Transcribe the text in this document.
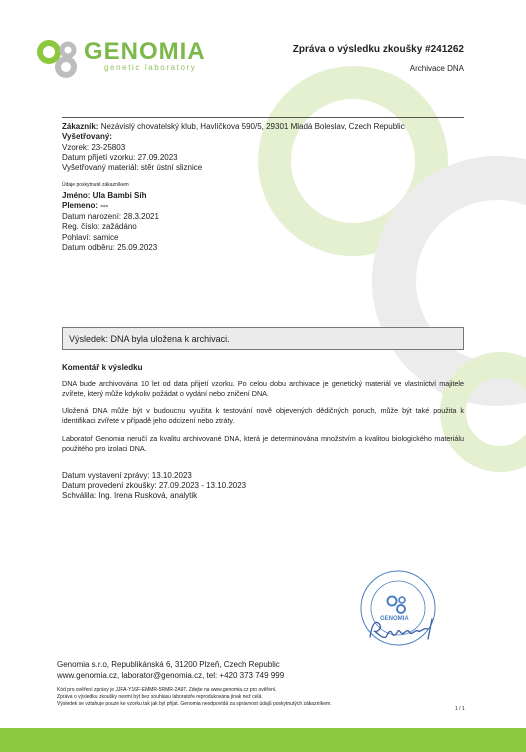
GENOMIA
genetic laboratory
Zpráva o výsledku zkoušky #241262
Archivace DNA
Zákazník: Nezávislý chovatelský klub, Havlíčkova 590/5, 29301 Mladá Boleslav, Czech Republic
Vyšetřovaný:
Vzorek: 23-25803
Datum přijetí vzorku: 27.09.2023
Vyšetřovaný materiál: stěr ústní sliznice
Údaje poskytnuté zákazníkem
Jméno: Ula Bambi Síh
Plemeno: ---
Datum narození: 28.3.2021
Reg. číslo: zažádáno
Pohlaví: samice
Datum odběru: 25.09.2023
Výsledek: DNA byla uložena k archivaci.
Komentář k výsledku
DNA bude archivována 10 let od data přijetí vzorku. Po celou dobu archivace je genetický materiál ve vlastnictví majitele zvířete, který může kdykoliv požádat o vydání nebo zničení DNA.
Uložená DNA může být v budoucnu využita k testování nově objevených dědičných poruch, může být také použita k identifikaci zvířete v případě jeho odcizení nebo ztráty.
Laboratoř Genomia neručí za kvalitu archivované DNA, která je determinována množstvím a kvalitou biologického materiálu použitého pro izolaci DNA.
Datum vystavení zprávy: 13.10.2023
Datum provedení zkoušky: 27.09.2023 - 13.10.2023
Schválila: Ing. Irena Rusková, analytik
GENOMIA
Genomia s.r.o, Republikánská 6, 31200 Plzeň, Czech Republic
www.genomia.cz, laborator@genomia.cz, tel: +420 373 749 999
Kód pro ověření zprávy je JJFA-Y16F-EMMR-5RMR-2A9T. Zdejte na www.genomia.cz pro ověření.
Zpráva o výsledku zkoušky nesmí být bez souhlasu laboratoře reprodukována jinak než celá.
Výsledek se vztahuje pouze ke vzorku tak jak byl přijat. Genomia neodpovídá za správnost údajů poskytnutých zákazníkem.
1 / 1
